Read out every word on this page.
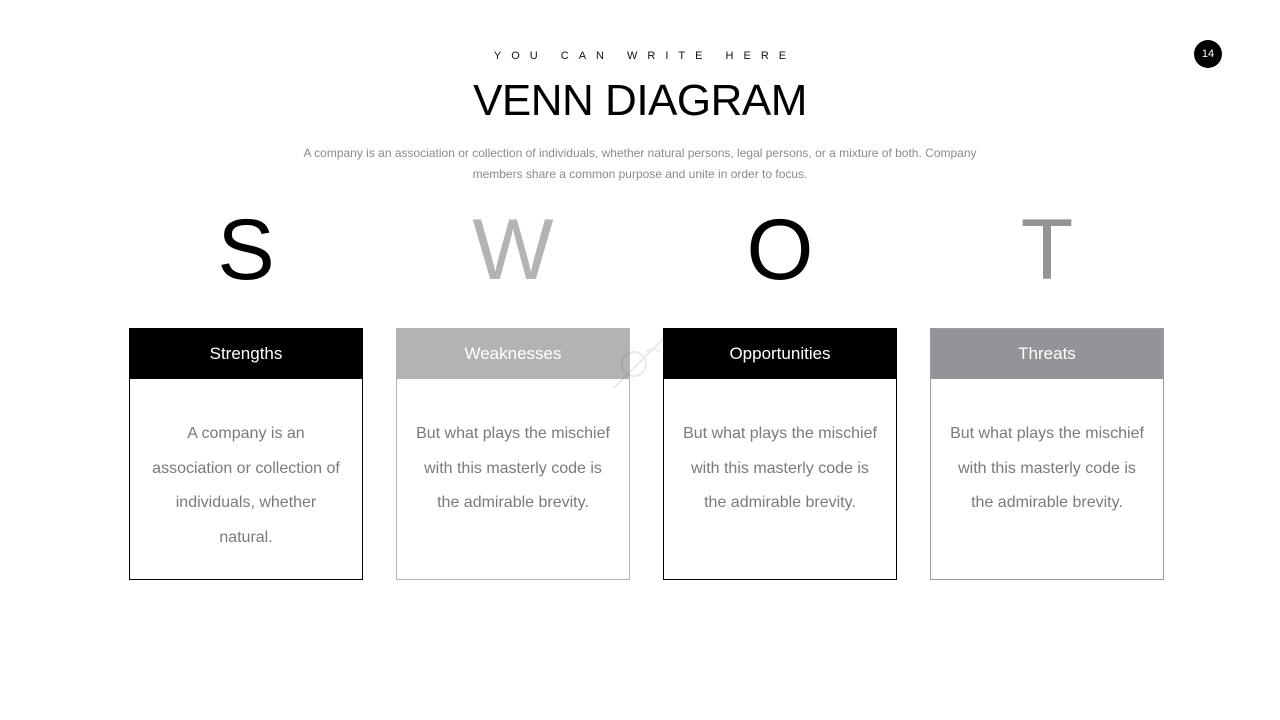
YOU CAN WRITE HERE
VENN DIAGRAM

A company is an association or collection of individuals, whether natural persons, legal persons, or a mixture of both. Company
members share a common purpose and unite in order to focus.

14
S	W	O	T
Strengths
A company is an association or collection of individuals, whether natural.
Weaknesses
But what plays the mischief with this masterly code is the admirable brevity.
Opportunities
But what plays the mischief with this masterly code is the admirable brevity.
Threats
But what plays the mischief with this masterly code is the admirable brevity.
